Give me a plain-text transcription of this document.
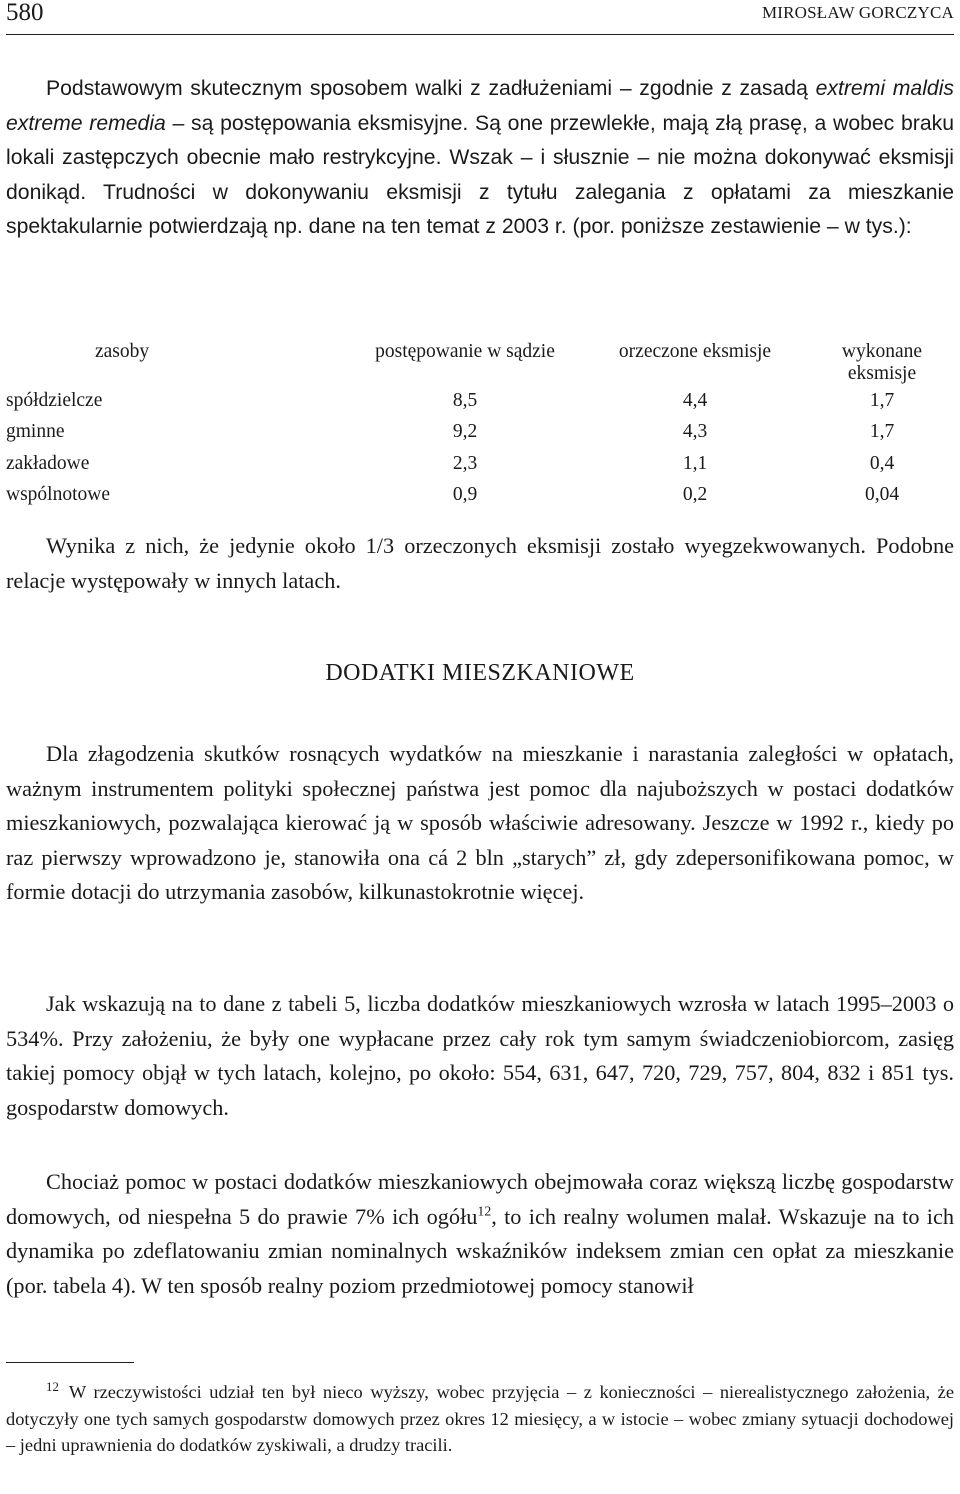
580	MIROSŁAW GORCZYCA

Podstawowym skutecznym sposobem walki z zadłużeniami – zgodnie z zasadą extremi maldis extreme remedia – są postępowania eksmisyjne. Są one przewlekłe, mają złą prasę, a wobec braku lokali zastępczych obecnie mało restrykcyjne. Wszak – i słusznie – nie można dokonywać eksmisji donikąd. Trudności w dokonywaniu eksmisji z tytułu zalegania z opłatami za mieszkanie spektakularnie potwierdzają np. dane na ten temat z 2003 r. (por. poniższe zestawienie – w tys.):

zasoby	postępowanie w sądzie	orzeczone eksmisje	wykonane eksmisje
spółdzielcze	8,5	4,4	1,7
gminne	9,2	4,3	1,7
zakładowe	2,3	1,1	0,4
wspólnotowe	0,9	0,2	0,04

Wynika z nich, że jedynie około 1/3 orzeczonych eksmisji zostało wyegzekwowanych. Podobne relacje występowały w innych latach.

DODATKI MIESZKANIOWE

Dla złagodzenia skutków rosnących wydatków na mieszkanie i narastania zaległości w opłatach, ważnym instrumentem polityki społecznej państwa jest pomoc dla najuboższych w postaci dodatków mieszkaniowych, pozwalająca kierować ją w sposób właściwie adresowany. Jeszcze w 1992 r., kiedy po raz pierwszy wprowadzono je, stanowiła ona cá 2 bln „starych” zł, gdy zdepersonifikowana pomoc, w formie dotacji do utrzymania zasobów, kilkunastokrotnie więcej.

Jak wskazują na to dane z tabeli 5, liczba dodatków mieszkaniowych wzrosła w latach 1995–2003 o 534%. Przy założeniu, że były one wypłacane przez cały rok tym samym świadczeniobiorcom, zasięg takiej pomocy objął w tych latach, kolejno, po około: 554, 631, 647, 720, 729, 757, 804, 832 i 851 tys. gospodarstw domowych.

Chociaż pomoc w postaci dodatków mieszkaniowych obejmowała coraz większą liczbę gospodarstw domowych, od niespełna 5 do prawie 7% ich ogółu$^{12}$, to ich realny wolumen malał. Wskazuje na to ich dynamika po zdeflatowaniu zmian nominalnych wskaźników indeksem zmian cen opłat za mieszkanie (por. tabela 4). W ten sposób realny poziom przedmiotowej pomocy stanowił

$^{12}$ W rzeczywistości udział ten był nieco wyższy, wobec przyjęcia – z konieczności – nierealistycznego założenia, że dotyczyły one tych samych gospodarstw domowych przez okres 12 miesięcy, a w istocie – wobec zmiany sytuacji dochodowej – jedni uprawnienia do dodatków zyskiwali, a drudzy tracili.
